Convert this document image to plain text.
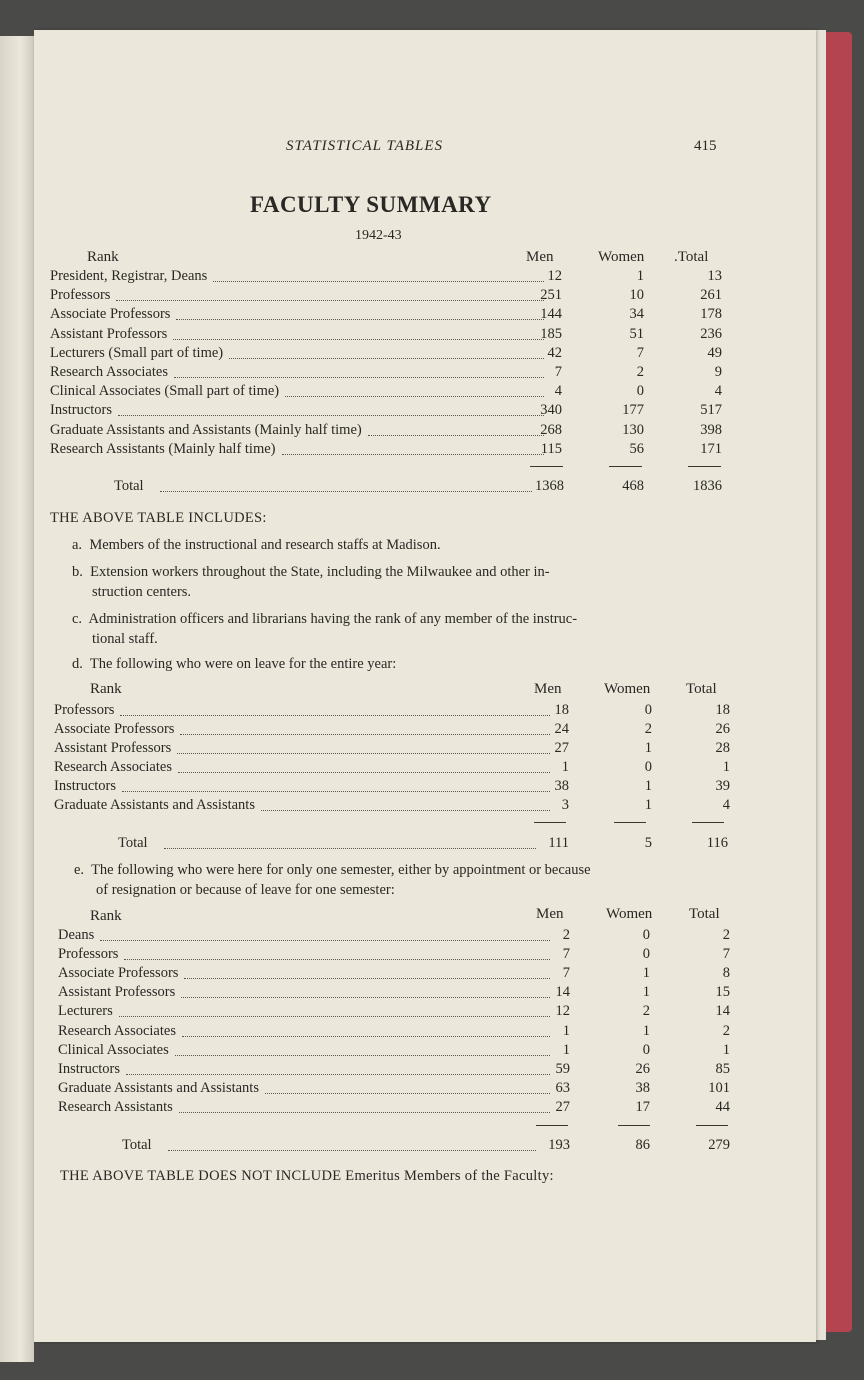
STATISTICAL TABLES	415
FACULTY SUMMARY
1942-43
Rank	Men	Women .Total
President, Registrar, Deans	12	1	13
Professors	251	10	261
Associate Professors	144	34	178
Assistant Professors	185	51	236
Lecturers (Small part of time)	42	7	49
Research Associates	7	2	9
Clinical Associates (Small part of time)	4	0	4
Instructors	340	177	517
Graduate Assistants and Assistants (Mainly half time)	268	130	398
Research Assistants (Mainly half time)	115	56	171
Total	1368	468	1836
THE ABOVE TABLE INCLUDES:
a. Members of the instructional and research staffs at Madison.
b. Extension workers throughout the State, including the Milwaukee and other in-
struction centers.
c. Administration officers and librarians having the rank of any member of the instruc-
tional staff.
d. The following who were on leave for the entire year:
Rank	Men	Women Total
Professors	18	0	18
Associate Professors	24	2	26
Assistant Professors	27	1	28
Research Associates	1	0	1
Instructors	38	1	39
Graduate Assistants and Assistants	3	1	4
Total	111	5	116
e. The following who were here for only one semester, either by appointment or because
of resignation or because of leave for one semester:
Rank	Men	Women Total
Deans	2	0	2
Professors	7	0	7
Associate Professors	7	1	8
Assistant Professors	14	1	15
Lecturers	12	2	14
Research Associates	1	1	2
Clinical Associates	1	0	1
Instructors	59	26	85
Graduate Assistants and Assistants	63	38	101
Research Assistants	27	17	44
Total	193	86	279
THE ABOVE TABLE DOES NOT INCLUDE Emeritus Members of the Faculty:
